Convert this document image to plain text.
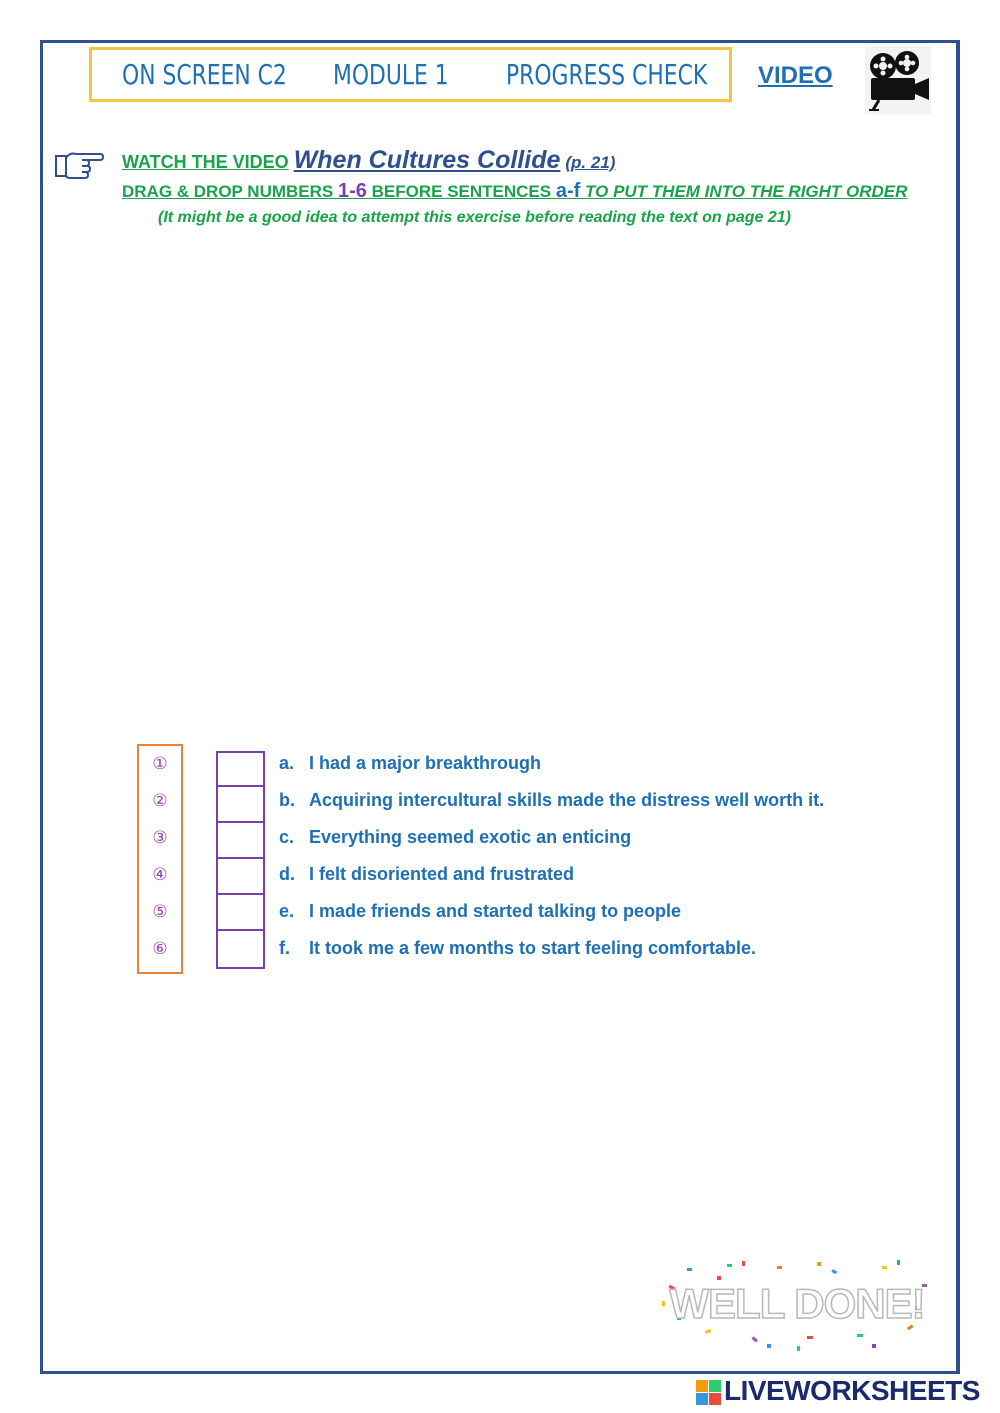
ON SCREEN C2 MODULE 1 PROGRESS CHECK VIDEO
WATCH THE VIDEO When Cultures Collide (p. 21)
DRAG & DROP NUMBERS 1-6 BEFORE SENTENCES a-f TO PUT THEM INTO THE RIGHT ORDER
(It might be a good idea to attempt this exercise before reading the text on page 21)
①
②
③
④
⑤
⑥
a. I had a major breakthrough
b. Acquiring intercultural skills made the distress well worth it.
c. Everything seemed exotic an enticing
d. I felt disoriented and frustrated
e. I made friends and started talking to people
f. It took me a few months to start feeling comfortable.
WELL DONE!
LIVEWORKSHEETS
